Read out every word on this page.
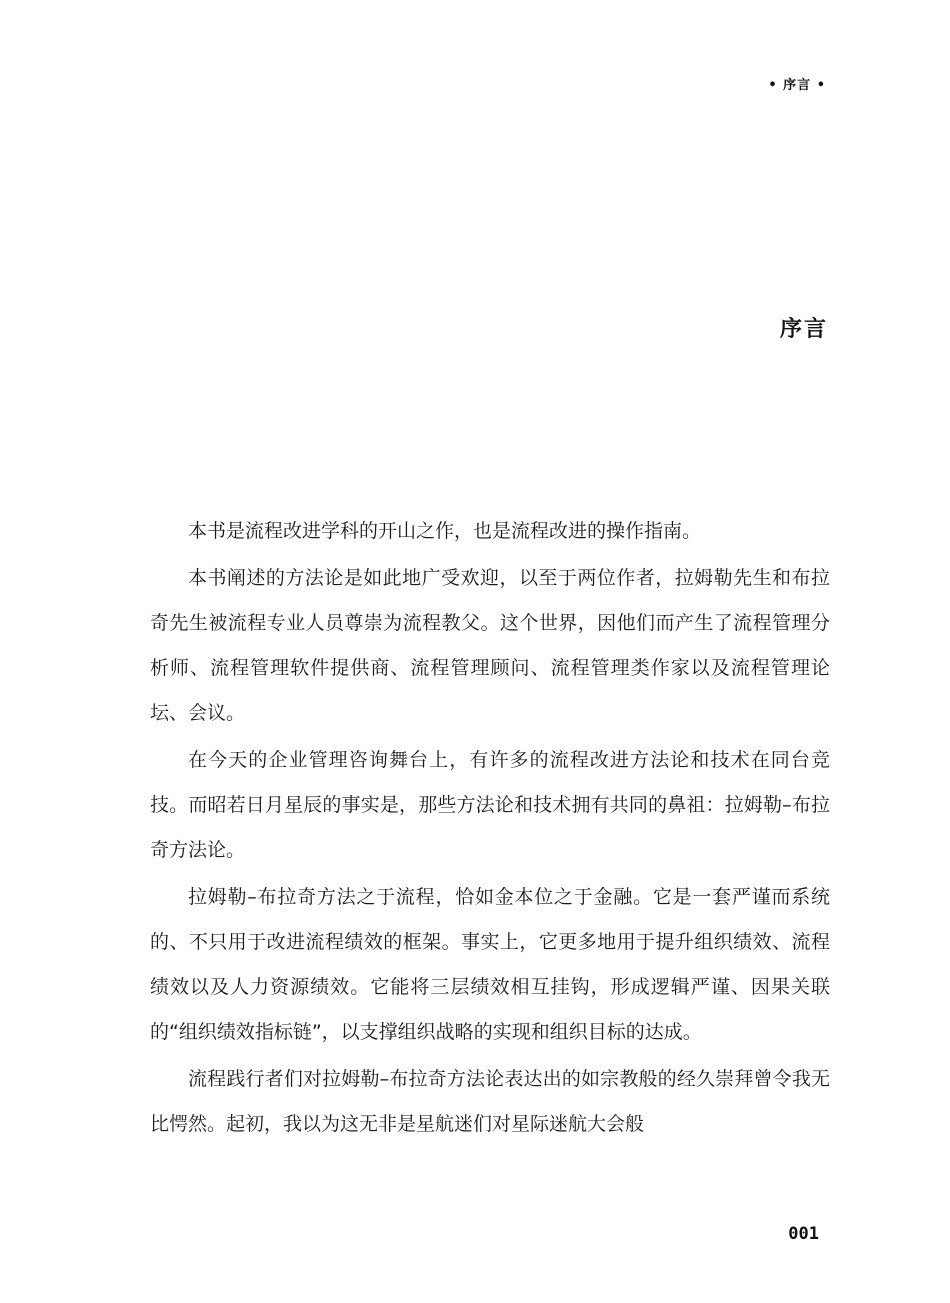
• 序言 •
序言

本书是流程改进学科的开山之作，也是流程改进的操作指南。

本书阐述的方法论是如此地广受欢迎，以至于两位作者，拉姆勒先生和布拉奇先生被流程专业人员尊崇为流程教父。这个世界，因他们而产生了流程管理分析师、流程管理软件提供商、流程管理顾问、流程管理类作家以及流程管理论坛、会议。

在今天的企业管理咨询舞台上，有许多的流程改进方法论和技术在同台竞技。而昭若日月星辰的事实是，那些方法论和技术拥有共同的鼻祖：拉姆勒–布拉奇方法论。

拉姆勒–布拉奇方法之于流程，恰如金本位之于金融。它是一套严谨而系统的、不只用于改进流程绩效的框架。事实上，它更多地用于提升组织绩效、流程绩效以及人力资源绩效。它能将三层绩效相互挂钩，形成逻辑严谨、因果关联的“组织绩效指标链”，以支撑组织战略的实现和组织目标的达成。

流程践行者们对拉姆勒–布拉奇方法论表达出的如宗教般的经久崇拜曾令我无比愕然。起初，我以为这无非是星航迷们对星际迷航大会般

001
